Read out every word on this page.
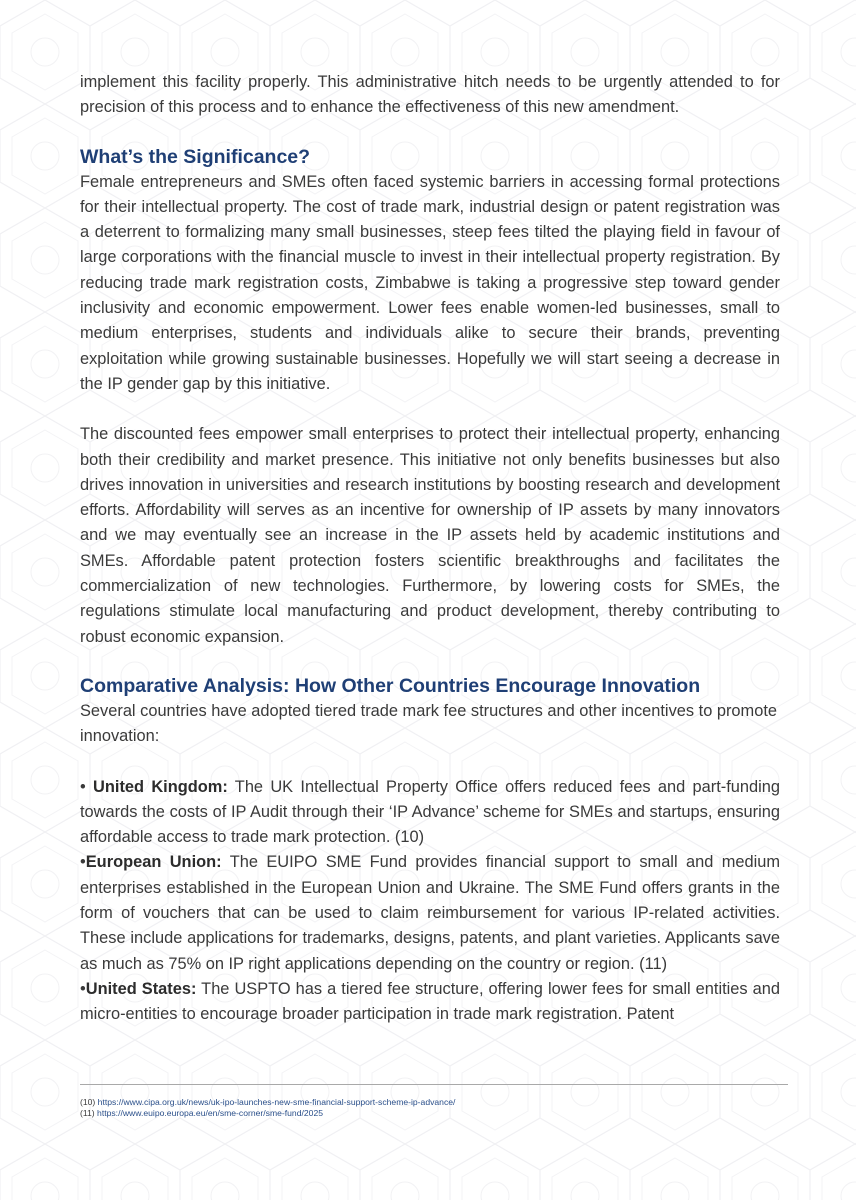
implement this facility properly. This administrative hitch needs to be urgently attended to for precision of this process and to enhance the effectiveness of this new amendment.

What’s the Significance?

Female entrepreneurs and SMEs often faced systemic barriers in accessing formal protections for their intellectual property. The cost of trade mark, industrial design or patent registration was a deterrent to formalizing many small businesses, steep fees tilted the playing field in favour of large corporations with the financial muscle to invest in their intellectual property registration. By reducing trade mark registration costs, Zimbabwe is taking a progressive step toward gender inclusivity and economic empowerment. Lower fees enable women-led businesses, small to medium enterprises, students and individuals alike to secure their brands, preventing exploitation while growing sustainable businesses. Hopefully we will start seeing a decrease in the IP gender gap by this initiative.

The discounted fees empower small enterprises to protect their intellectual property, enhancing both their credibility and market presence. This initiative not only benefits businesses but also drives innovation in universities and research institutions by boosting research and development efforts. Affordability will serves as an incentive for ownership of IP assets by many innovators and we may eventually see an increase in the IP assets held by academic institutions and SMEs. Affordable patent protection fosters scientific breakthroughs and facilitates the commercialization of new technologies. Furthermore, by lowering costs for SMEs, the regulations stimulate local manufacturing and product development, thereby contributing to robust economic expansion.

Comparative Analysis: How Other Countries Encourage Innovation

Several countries have adopted tiered trade mark fee structures and other incentives to promote innovation:

• United Kingdom: The UK Intellectual Property Office offers reduced fees and part-funding towards the costs of IP Audit through their ‘IP Advance’ scheme for SMEs and startups, ensuring affordable access to trade mark protection. (10)

•European Union: The EUIPO SME Fund provides financial support to small and medium enterprises established in the European Union and Ukraine. The SME Fund offers grants in the form of vouchers that can be used to claim reimbursement for various IP-related activities. These include applications for trademarks, designs, patents, and plant varieties. Applicants save as much as 75% on IP right applications depending on the country or region. (11)

•United States: The USPTO has a tiered fee structure, offering lower fees for small entities and micro-entities to encourage broader participation in trade mark registration. Patent

(10) https://www.cipa.org.uk/news/uk-ipo-launches-new-sme-financial-support-scheme-ip-advance/
(11) https://www.euipo.europa.eu/en/sme-corner/sme-fund/2025
